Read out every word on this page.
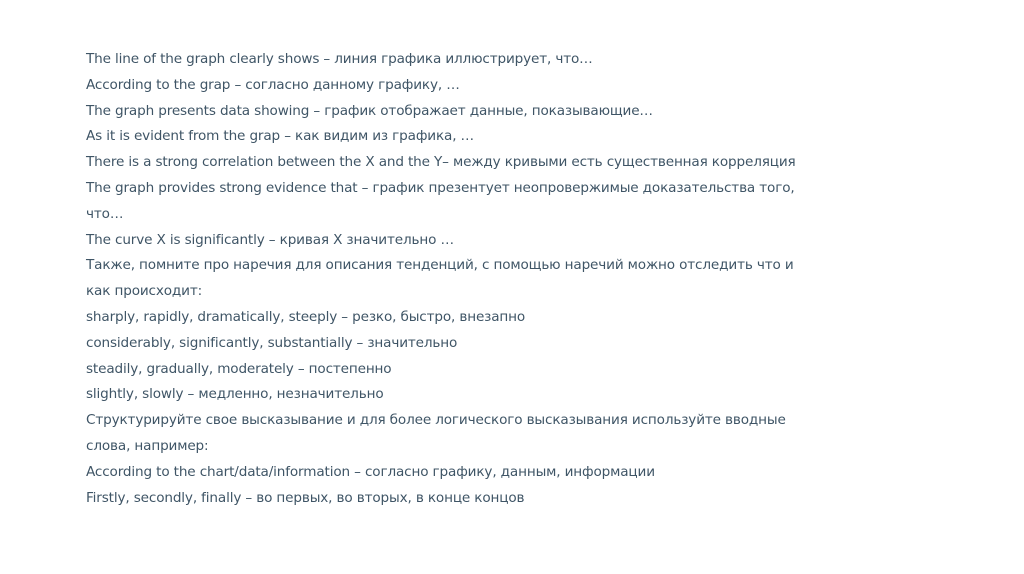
The line of the graph clearly shows – линия графика иллюстрирует, что…
According to the grap – согласно данному графику, …
The graph presents data showing – график отображает данные, показывающие…
As it is evident from the grap – как видим из графика, …
There is a strong correlation between the X and the Y– между кривыми есть существенная корреляция
The graph provides strong evidence that – график презентует неопровержимые доказательства того,
что…
The curve X is significantly – кривая Х значительно …
Также, помните про наречия для описания тенденций, с помощью наречий можно отследить что и
как происходит:
sharply, rapidly, dramatically, steeply – резко, быстро, внезапно
considerably, significantly, substantially – значительно
steadily, gradually, moderately – постепенно
slightly, slowly – медленно, незначительно
Структурируйте свое высказывание и для более логического высказывания используйте вводные
слова, например:
According to the chart/data/information – согласно графику, данным, информации
Firstly, secondly, finally – во первых, во вторых, в конце концов
